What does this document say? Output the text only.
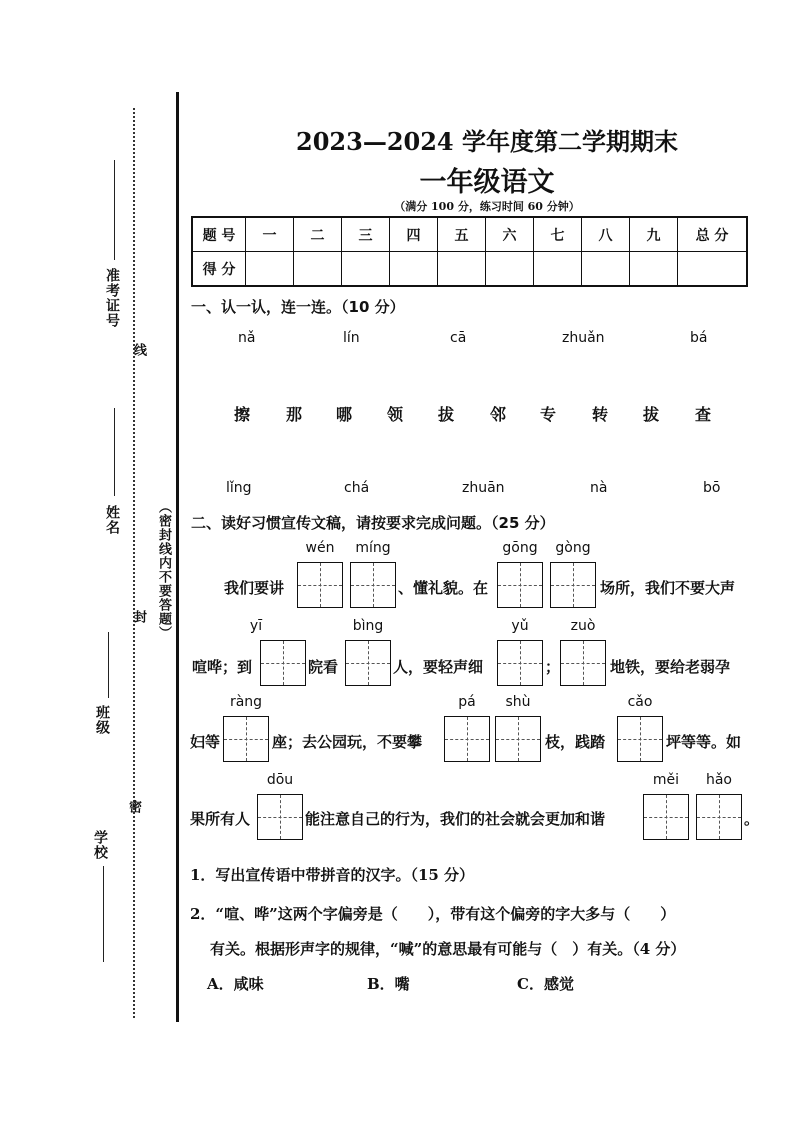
准考证号
线
姓名
封 （密封线内不要答题）
班级
密
学校
2023—2024 学年度第二学期期末
一年级语文
（满分 100 分，练习时间 60 分钟）
题 号	一	二	三	四	五	六	七	八	九	总 分
得 分										
一、认一认，连一连。（10 分）
nǎ	lín	cā	zhuǎn	bá
擦 那 哪 领 拔 邻 专 转 拔 查
lǐng	chá	zhuān	nà	bō
二、读好习惯宣传文稿，请按要求完成问题。（25 分）
wén	míng	gōng	gòng
我们要讲	、懂礼貌。在	场所，我们不要大声
yī	bìng	yǔ	zuò
喧哗；到	院看	人，要轻声细	；	地铁，要给老弱孕
ràng	pá	shù	cǎo
妇等	座；去公园玩，不要攀	枝，践踏	坪等等。如
dōu	měi	hǎo
果所有人	能注意自己的行为，我们的社会就会更加和谐	。
1．写出宣传语中带拼音的汉字。（15 分）
2．“喧、哗”这两个字偏旁是（　　），带有这个偏旁的字大多与（　　）
有关。根据形声字的规律，“喊”的意思最有可能与（　）有关。（4 分）
A．咸味	B．嘴	C．感觉
